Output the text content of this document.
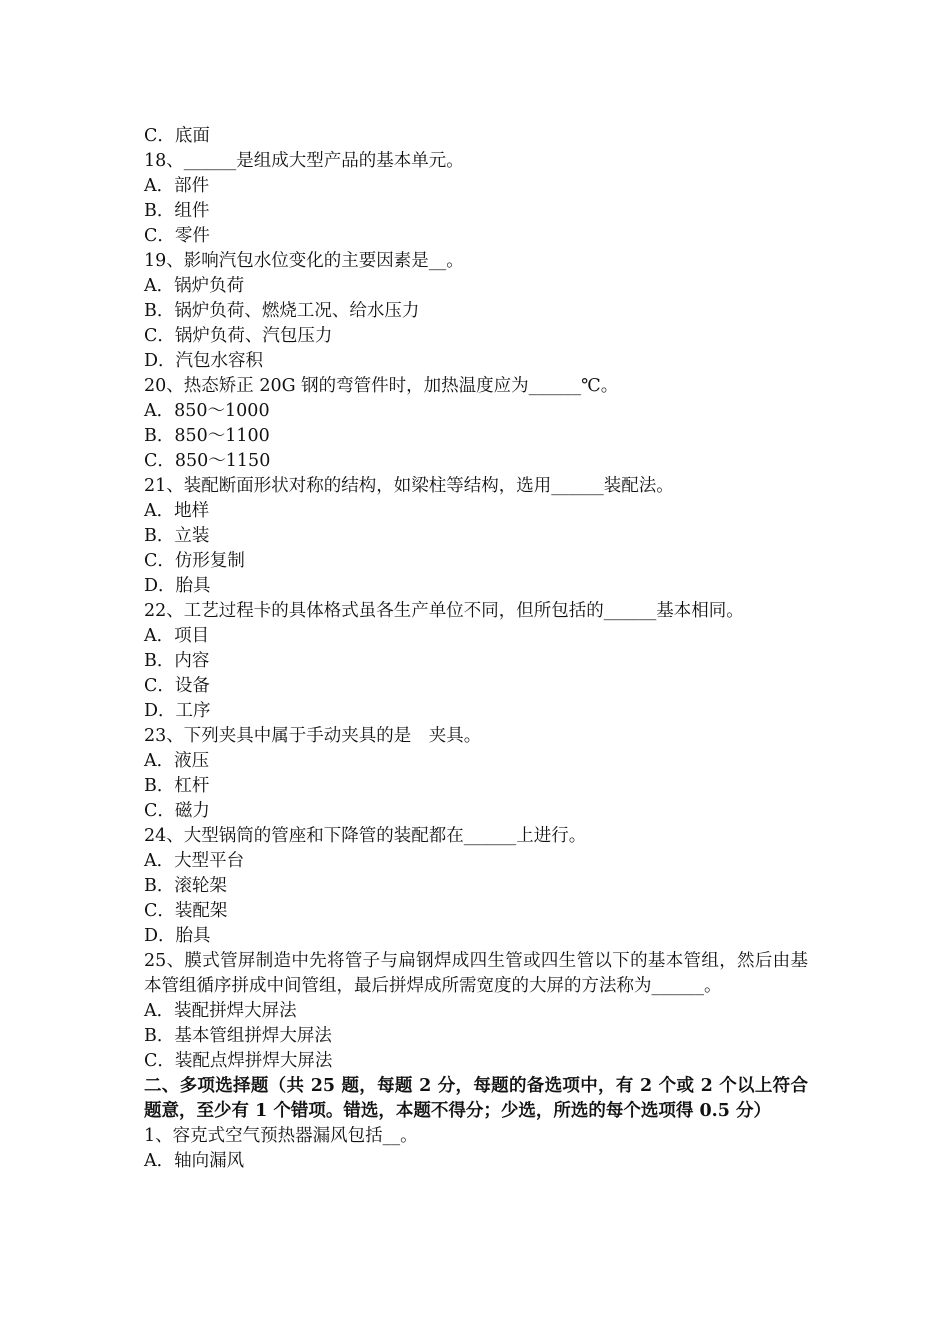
C．底面
18、______是组成大型产品的基本单元。
A．部件
B．组件
C．零件
19、影响汽包水位变化的主要因素是__。
A．锅炉负荷
B．锅炉负荷、燃烧工况、给水压力
C．锅炉负荷、汽包压力
D．汽包水容积
20、热态矫正 20G 钢的弯管件时，加热温度应为______℃。
A．850～1000
B．850～1100
C．850～1150
21、装配断面形状对称的结构，如梁柱等结构，选用______装配法。
A．地样
B．立装
C．仿形复制
D．胎具
22、工艺过程卡的具体格式虽各生产单位不同，但所包括的______基本相同。
A．项目
B．内容
C．设备
D．工序
23、下列夹具中属于手动夹具的是　夹具。
A．液压
B．杠杆
C．磁力
24、大型锅筒的管座和下降管的装配都在______上进行。
A．大型平台
B．滚轮架
C．装配架
D．胎具
25、膜式管屏制造中先将管子与扁钢焊成四生管或四生管以下的基本管组，然后由基本管组循序拼成中间管组，最后拼焊成所需宽度的大屏的方法称为______。
A．装配拼焊大屏法
B．基本管组拼焊大屏法
C．装配点焊拼焊大屏法
二、多项选择题（共 25 题，每题 2 分，每题的备选项中，有 2 个或 2 个以上符合题意，至少有 1 个错项。错选，本题不得分；少选，所选的每个选项得 0.5 分）
1、容克式空气预热器漏风包括__。
A．轴向漏风
